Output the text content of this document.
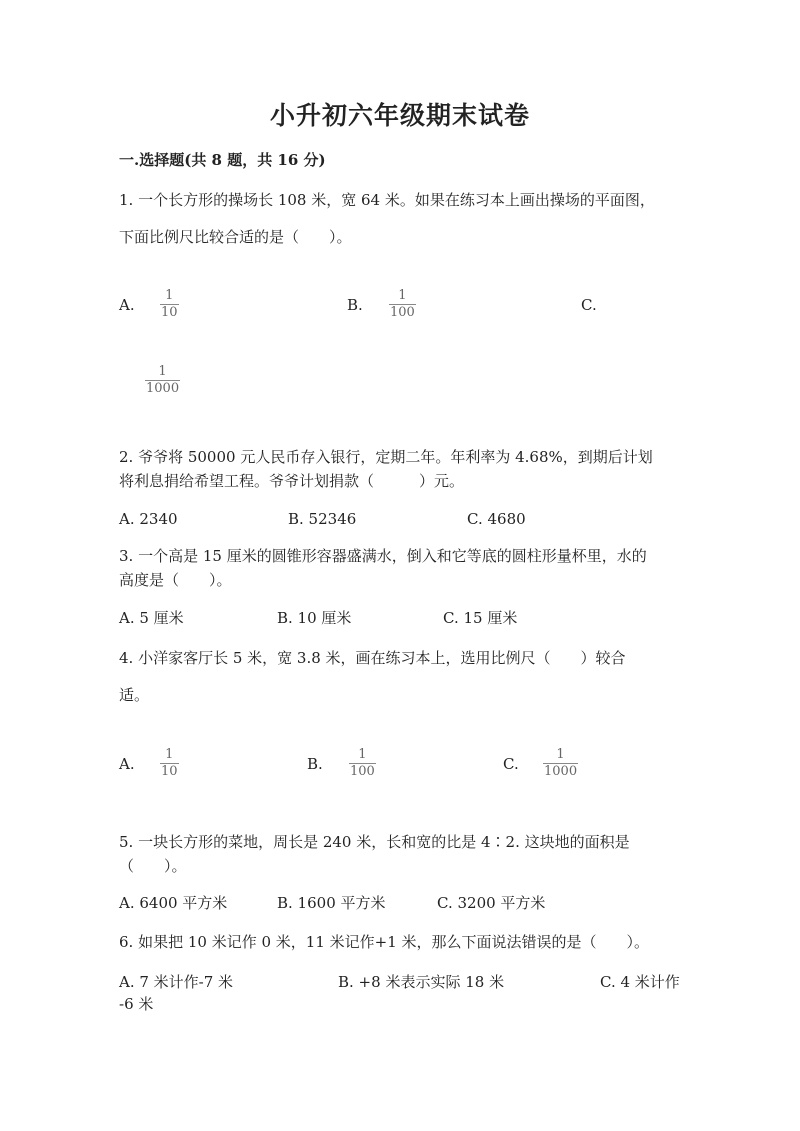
小升初六年级期末试卷
一.选择题(共 8 题，共 16 分)
1. 一个长方形的操场长 108 米，宽 64 米。如果在练习本上画出操场的平面图，
下面比例尺比较合适的是（　　）。
A.
1
10	B.
1
100	C.
1
1000
2. 爷爷将 50000 元人民币存入银行，定期二年。年利率为 4.68%，到期后计划
将利息捐给希望工程。爷爷计划捐款（　　　）元。
A. 2340	B. 52346	C. 4680
3. 一个高是 15 厘米的圆锥形容器盛满水，倒入和它等底的圆柱形量杯里，水的
高度是（　　）。
A. 5 厘米	B. 10 厘米	C. 15 厘米
4. 小洋家客厅长 5 米，宽 3.8 米，画在练习本上，选用比例尺（　　）较合
适。
A.
1
10	B.
1
100	C.
1
1000
5. 一块长方形的菜地，周长是 240 米，长和宽的比是 4∶2. 这块地的面积是
（　　）。
A. 6400 平方米	B. 1600 平方米	C. 3200 平方米
6. 如果把 10 米记作 0 米，11 米记作+1 米，那么下面说法错误的是（　　）。
A. 7 米计作-7 米	B. +8 米表示实际 18 米	C. 4 米计作
-6 米
